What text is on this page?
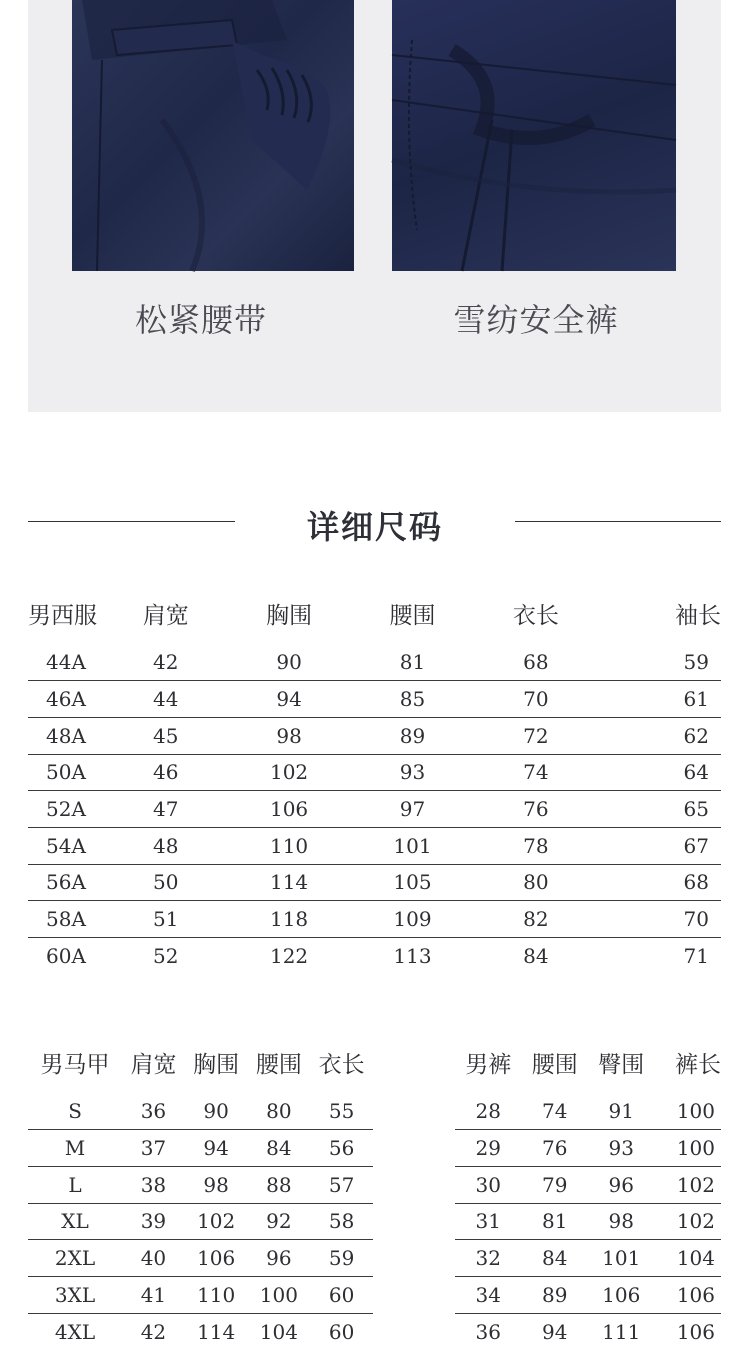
松紧腰带	雪纺安全裤
详细尺码
男西服	肩宽	胸围	腰围	衣长	袖长
44A	42	90	81	68	59
46A	44	94	85	70	61
48A	45	98	89	72	62
50A	46	102	93	74	64
52A	47	106	97	76	65
54A	48	110	101	78	67
56A	50	114	105	80	68
58A	51	118	109	82	70
60A	52	122	113	84	71
男马甲	肩宽	胸围	腰围	衣长
S	36	90	80	55
M	37	94	84	56
L	38	98	88	57
XL	39	102	92	58
2XL	40	106	96	59
3XL	41	110	100	60
4XL	42	114	104	60
男裤	腰围	臀围	裤长
28	74	91	100
29	76	93	100
30	79	96	102
31	81	98	102
32	84	101	104
34	89	106	106
36	94	111	106
